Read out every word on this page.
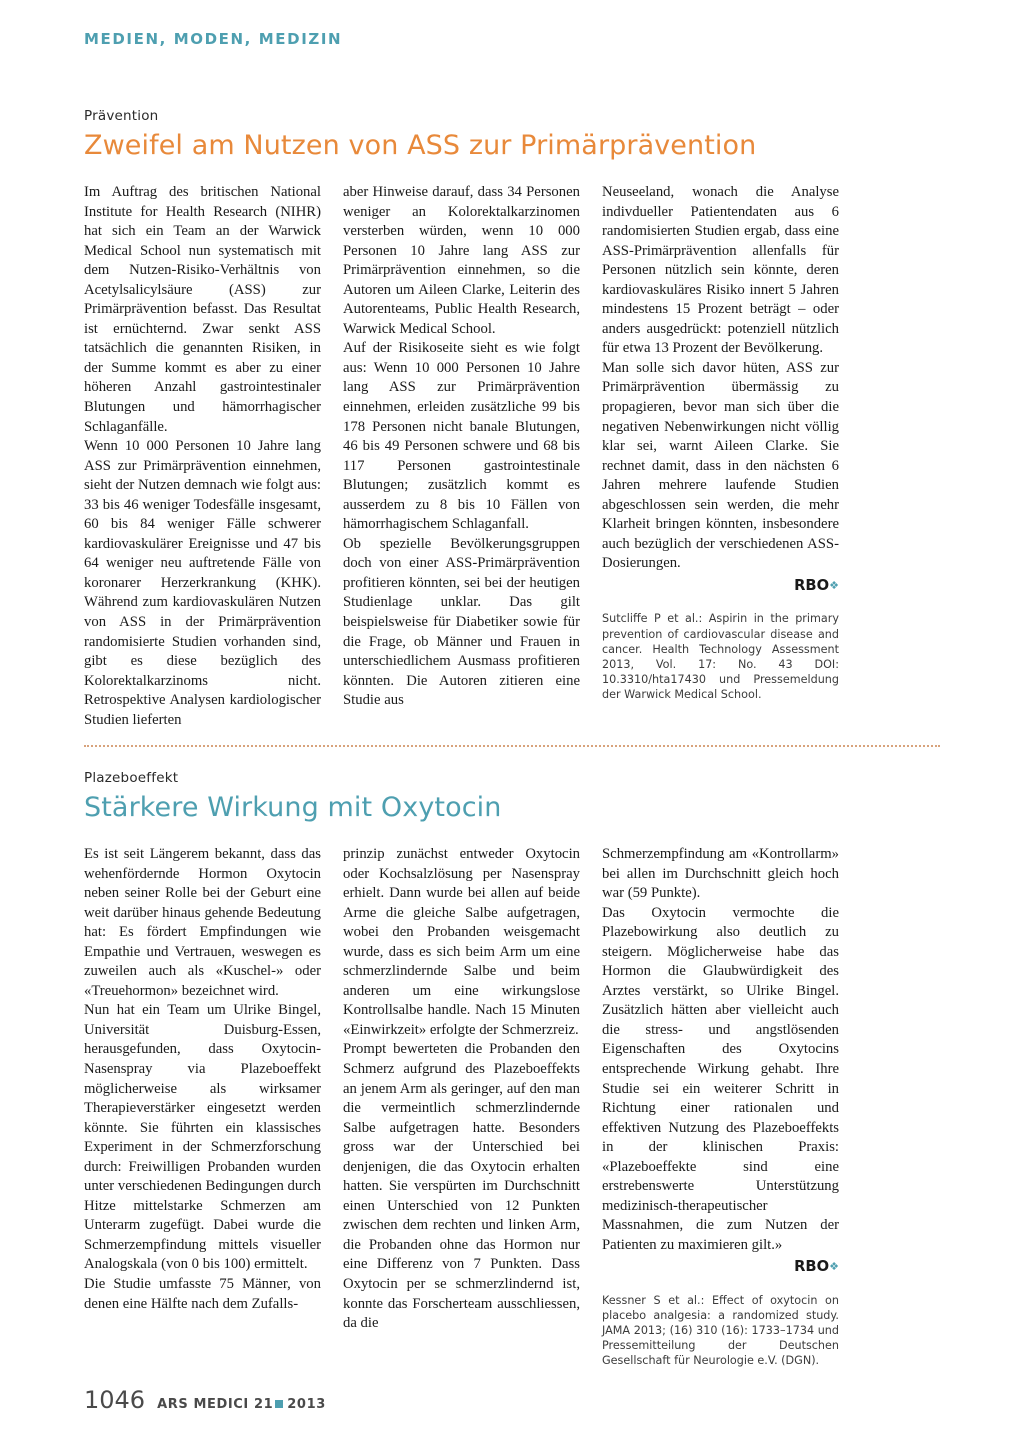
MEDIEN, MODEN, MEDIZIN
Prävention
Zweifel am Nutzen von ASS zur Primärprävention

Im Auftrag des britischen National Institute for Health Research (NIHR) hat sich ein Team an der Warwick Medical School nun systematisch mit dem Nutzen-Risiko-Verhältnis von Acetylsalicylsäure (ASS) zur Primärprävention befasst. Das Resultat ist ernüchternd. Zwar senkt ASS tatsächlich die genannten Risiken, in der Summe kommt es aber zu einer höheren Anzahl gastrointestinaler Blutungen und hämorrhagischer Schlaganfälle.
Wenn 10 000 Personen 10 Jahre lang ASS zur Primärprävention einnehmen, sieht der Nutzen demnach wie folgt aus: 33 bis 46 weniger Todesfälle insgesamt, 60 bis 84 weniger Fälle schwerer kardiovaskulärer Ereignisse und 47 bis 64 weniger neu auftretende Fälle von koronarer Herzerkrankung (KHK). Während zum kardiovaskulären Nutzen von ASS in der Primärprävention randomisierte Studien vorhanden sind, gibt es diese bezüglich des Kolorektalkarzinoms nicht. Retrospektive Analysen kardiologischer Studien lieferten

aber Hinweise darauf, dass 34 Personen weniger an Kolorektalkarzinomen versterben würden, wenn 10 000 Personen 10 Jahre lang ASS zur Primärprävention einnehmen, so die Autoren um Aileen Clarke, Leiterin des Autorenteams, Public Health Research, Warwick Medical School.
Auf der Risikoseite sieht es wie folgt aus: Wenn 10 000 Personen 10 Jahre lang ASS zur Primärprävention einnehmen, erleiden zusätzliche 99 bis 178 Personen nicht banale Blutungen, 46 bis 49 Personen schwere und 68 bis 117 Personen gastrointestinale Blutungen; zusätzlich kommt es ausserdem zu 8 bis 10 Fällen von hämorrhagischem Schlaganfall.
Ob spezielle Bevölkerungsgruppen doch von einer ASS-Primärprävention profitieren könnten, sei bei der heutigen Studienlage unklar. Das gilt beispielsweise für Diabetiker sowie für die Frage, ob Männer und Frauen in unterschiedlichem Ausmass profitieren könnten. Die Autoren zitieren eine Studie aus

Neuseeland, wonach die Analyse indivdueller Patientendaten aus 6 randomisierten Studien ergab, dass eine ASS-Primärprävention allenfalls für Personen nützlich sein könnte, deren kardiovaskuläres Risiko innert 5 Jahren mindestens 15 Prozent beträgt – oder anders ausgedrückt: potenziell nützlich für etwa 13 Prozent der Bevölkerung.
Man solle sich davor hüten, ASS zur Primärprävention übermässig zu propagieren, bevor man sich über die negativen Nebenwirkungen nicht völlig klar sei, warnt Aileen Clarke. Sie rechnet damit, dass in den nächsten 6 Jahren mehrere laufende Studien abgeschlossen sein werden, die mehr Klarheit bringen könnten, insbesondere auch bezüglich der verschiedenen ASS-Dosierungen.

RBO❖

Sutcliffe P et al.: Aspirin in the primary prevention of cardiovascular disease and cancer. Health Technology Assessment 2013, Vol. 17: No. 43 DOI: 10.3310/hta17430 und Pressemeldung der Warwick Medical School.
Plazeboeffekt
Stärkere Wirkung mit Oxytocin

Es ist seit Längerem bekannt, dass das wehenfördernde Hormon Oxytocin neben seiner Rolle bei der Geburt eine weit darüber hinaus gehende Bedeutung hat: Es fördert Empfindungen wie Empathie und Vertrauen, weswegen es zuweilen auch als «Kuschel-» oder «Treuehormon» bezeichnet wird.
Nun hat ein Team um Ulrike Bingel, Universität Duisburg-Essen, herausgefunden, dass Oxytocin-Nasenspray via Plazeboeffekt möglicherweise als wirksamer Therapieverstärker eingesetzt werden könnte. Sie führten ein klassisches Experiment in der Schmerzforschung durch: Freiwilligen Probanden wurden unter verschiedenen Bedingungen durch Hitze mittelstarke Schmerzen am Unterarm zugefügt. Dabei wurde die Schmerzempfindung mittels visueller Analogskala (von 0 bis 100) ermittelt.
Die Studie umfasste 75 Männer, von denen eine Hälfte nach dem Zufalls-

prinzip zunächst entweder Oxytocin oder Kochsalzlösung per Nasenspray erhielt. Dann wurde bei allen auf beide Arme die gleiche Salbe aufgetragen, wobei den Probanden weisgemacht wurde, dass es sich beim Arm um eine schmerzlindernde Salbe und beim anderen um eine wirkungslose Kontrollsalbe handle. Nach 15 Minuten «Einwirkzeit» erfolgte der Schmerzreiz.
Prompt bewerteten die Probanden den Schmerz aufgrund des Plazeboeffekts an jenem Arm als geringer, auf den man die vermeintlich schmerzlindernde Salbe aufgetragen hatte. Besonders gross war der Unterschied bei denjenigen, die das Oxytocin erhalten hatten. Sie verspürten im Durchschnitt einen Unterschied von 12 Punkten zwischen dem rechten und linken Arm, die Probanden ohne das Hormon nur eine Differenz von 7 Punkten. Dass Oxytocin per se schmerzlindernd ist, konnte das Forscherteam ausschliessen, da die

Schmerzempfindung am «Kontrollarm» bei allen im Durchschnitt gleich hoch war (59 Punkte).
Das Oxytocin vermochte die Plazebowirkung also deutlich zu steigern. Möglicherweise habe das Hormon die Glaubwürdigkeit des Arztes verstärkt, so Ulrike Bingel. Zusätzlich hätten aber vielleicht auch die stress- und angstlösenden Eigenschaften des Oxytocins entsprechende Wirkung gehabt. Ihre Studie sei ein weiterer Schritt in Richtung einer rationalen und effektiven Nutzung des Plazeboeffekts in der klinischen Praxis: «Plazeboeffekte sind eine erstrebenswerte Unterstützung medizinisch-therapeutischer Massnahmen, die zum Nutzen der Patienten zu maximieren gilt.»

RBO❖

Kessner S et al.: Effect of oxytocin on placebo analgesia: a randomized study. JAMA 2013; (16) 310 (16): 1733–1734 und Pressemitteilung der Deutschen Gesellschaft für Neurologie e.V. (DGN).
1046 ARS MEDICI 21 2013
